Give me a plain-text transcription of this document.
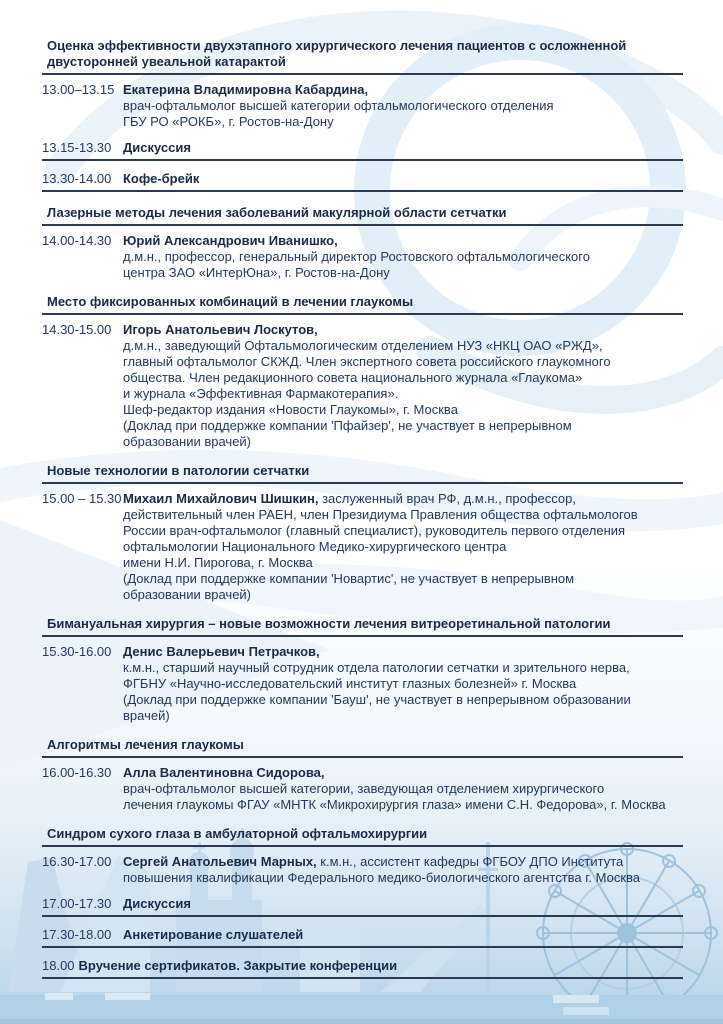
Оценка эффективности двухэтапного хирургического лечения пациентов с осложненной двусторонней увеальной катарактой
13.00–13.15 Екатерина Владимировна Кабардина,
врач-офтальмолог высшей категории офтальмологического отделения
ГБУ РО «РОКБ», г. Ростов-на-Дону
13.15-13.30 Дискуссия
13.30-14.00 Кофе-брейк
Лазерные методы лечения заболеваний макулярной области сетчатки
14.00-14.30 Юрий Александрович Иванишко,
д.м.н., профессор, генеральный директор Ростовского офтальмологического
центра ЗАО «ИнтерЮна», г. Ростов-на-Дону
Место фиксированных комбинаций в лечении глаукомы
14.30-15.00 Игорь Анатольевич Лоскутов,
д.м.н., заведующий Офтальмологическим отделением НУЗ «НКЦ ОАО «РЖД»,
главный офтальмолог СКЖД. Член экспертного совета российского глаукомного
общества. Член редакционного совета национального журнала «Глаукома»
и журнала «Эффективная Фармакотерапия».
Шеф-редактор издания «Новости Глаукомы», г. Москва
(Доклад при поддержке компании 'Пфайзер', не участвует в непрерывном
образовании врачей)
Новые технологии в патологии сетчатки
15.00 – 15.30 Михаил Михайлович Шишкин, заслуженный врач РФ, д.м.н., профессор,
действительный член РАЕН, член Президиума Правления общества офтальмологов
России врач-офтальмолог (главный специалист), руководитель первого отделения
офтальмологии Национального Медико-хирургического центра
имени Н.И. Пирогова, г. Москва
(Доклад при поддержке компании 'Новартис', не участвует в непрерывном
образовании врачей)
Бимануальная хирургия – новые возможности лечения витреоретинальной патологии
15.30-16.00 Денис Валерьевич Петрачков,
к.м.н., старший научный сотрудник отдела патологии сетчатки и зрительного нерва,
ФГБНУ «Научно-исследовательский институт глазных болезней» г. Москва
(Доклад при поддержке компании 'Бауш', не участвует в непрерывном образовании
врачей)
Алгоритмы лечения глаукомы
16.00-16.30 Алла Валентиновна Сидорова,
врач-офтальмолог высшей категории, заведующая отделением хирургического
лечения глаукомы ФГАУ «МНТК «Микрохирургия глаза» имени С.Н. Федорова», г. Москва
Синдром сухого глаза в амбулаторной офтальмохирургии
16.30-17.00 Сергей Анатольевич Марных, к.м.н., ассистент кафедры ФГБОУ ДПО Института
повышения квалификации Федерального медико-биологического агентства г. Москва
17.00-17.30 Дискуссия
17.30-18.00 Анкетирование слушателей
18.00 Вручение сертификатов. Закрытие конференции
